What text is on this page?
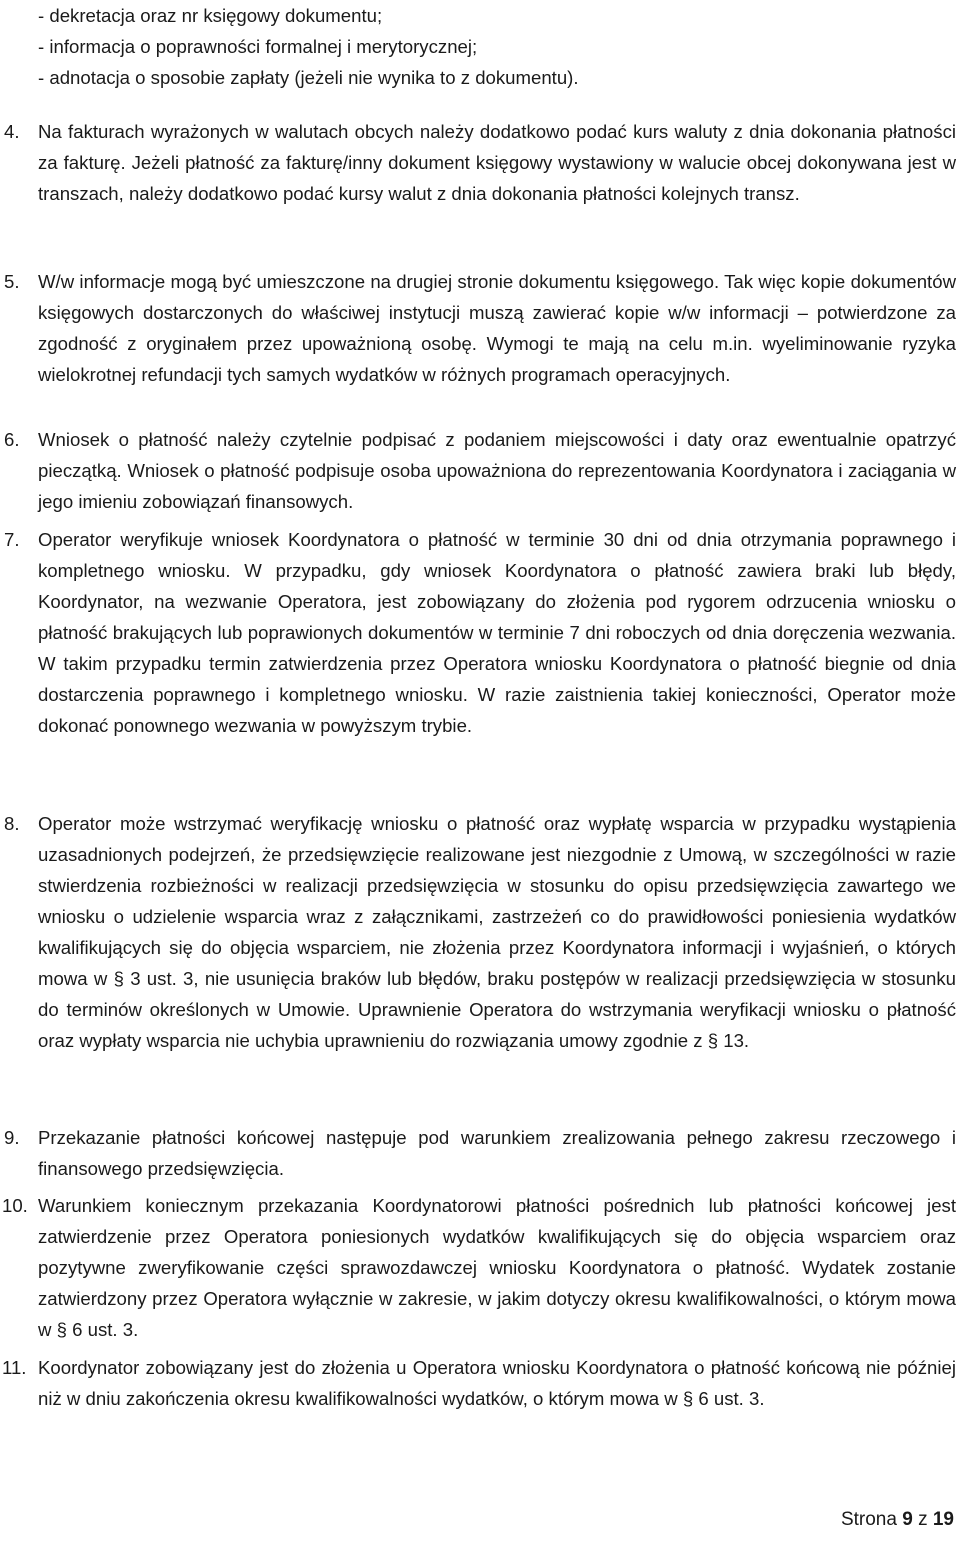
- dekretacja oraz nr księgowy dokumentu;
- informacja o poprawności formalnej i merytorycznej;
- adnotacja o sposobie zapłaty (jeżeli nie wynika to z dokumentu).
4. Na fakturach wyrażonych w walutach obcych należy dodatkowo podać kurs waluty z dnia dokonania płatności za fakturę. Jeżeli płatność za fakturę/inny dokument księgowy wystawiony w walucie obcej dokonywana jest w transzach, należy dodatkowo podać kursy walut z dnia dokonania płatności kolejnych transz.
5. W/w informacje mogą być umieszczone na drugiej stronie dokumentu księgowego. Tak więc kopie dokumentów księgowych dostarczonych do właściwej instytucji muszą zawierać kopie w/w informacji – potwierdzone za zgodność z oryginałem przez upoważnioną osobę. Wymogi te mają na celu m.in. wyeliminowanie ryzyka wielokrotnej refundacji tych samych wydatków w różnych programach operacyjnych.
6. Wniosek o płatność należy czytelnie podpisać z podaniem miejscowości i daty oraz ewentualnie opatrzyć pieczątką. Wniosek o płatność podpisuje osoba upoważniona do reprezentowania Koordynatora i zaciągania w jego imieniu zobowiązań finansowych.
7. Operator weryfikuje wniosek Koordynatora o płatność w terminie 30 dni od dnia otrzymania poprawnego i kompletnego wniosku. W przypadku, gdy wniosek Koordynatora o płatność zawiera braki lub błędy, Koordynator, na wezwanie Operatora, jest zobowiązany do złożenia pod rygorem odrzucenia wniosku o płatność brakujących lub poprawionych dokumentów w terminie 7 dni roboczych od dnia doręczenia wezwania. W takim przypadku termin zatwierdzenia przez Operatora wniosku Koordynatora o płatność biegnie od dnia dostarczenia poprawnego i kompletnego wniosku. W razie zaistnienia takiej konieczności, Operator może dokonać ponownego wezwania w powyższym trybie.
8. Operator może wstrzymać weryfikację wniosku o płatność oraz wypłatę wsparcia w przypadku wystąpienia uzasadnionych podejrzeń, że przedsięwzięcie realizowane jest niezgodnie z Umową, w szczególności w razie stwierdzenia rozbieżności w realizacji przedsięwzięcia w stosunku do opisu przedsięwzięcia zawartego we wniosku o udzielenie wsparcia wraz z załącznikami, zastrzeżeń co do prawidłowości poniesienia wydatków kwalifikujących się do objęcia wsparciem, nie złożenia przez Koordynatora informacji i wyjaśnień, o których mowa w § 3 ust. 3, nie usunięcia braków lub błędów, braku postępów w realizacji przedsięwzięcia w stosunku do terminów określonych w Umowie. Uprawnienie Operatora do wstrzymania weryfikacji wniosku o płatność oraz wypłaty wsparcia nie uchybia uprawnieniu do rozwiązania umowy zgodnie z § 13.
9. Przekazanie płatności końcowej następuje pod warunkiem zrealizowania pełnego zakresu rzeczowego i finansowego przedsięwzięcia.
10. Warunkiem koniecznym przekazania Koordynatorowi płatności pośrednich lub płatności końcowej jest zatwierdzenie przez Operatora poniesionych wydatków kwalifikujących się do objęcia wsparciem oraz pozytywne zweryfikowanie części sprawozdawczej wniosku Koordynatora o płatność. Wydatek zostanie zatwierdzony przez Operatora wyłącznie w zakresie, w jakim dotyczy okresu kwalifikowalności, o którym mowa w § 6 ust. 3.
11. Koordynator zobowiązany jest do złożenia u Operatora wniosku Koordynatora o płatność końcową nie później niż w dniu zakończenia okresu kwalifikowalności wydatków, o którym mowa w § 6 ust. 3.
Strona 9 z 19
